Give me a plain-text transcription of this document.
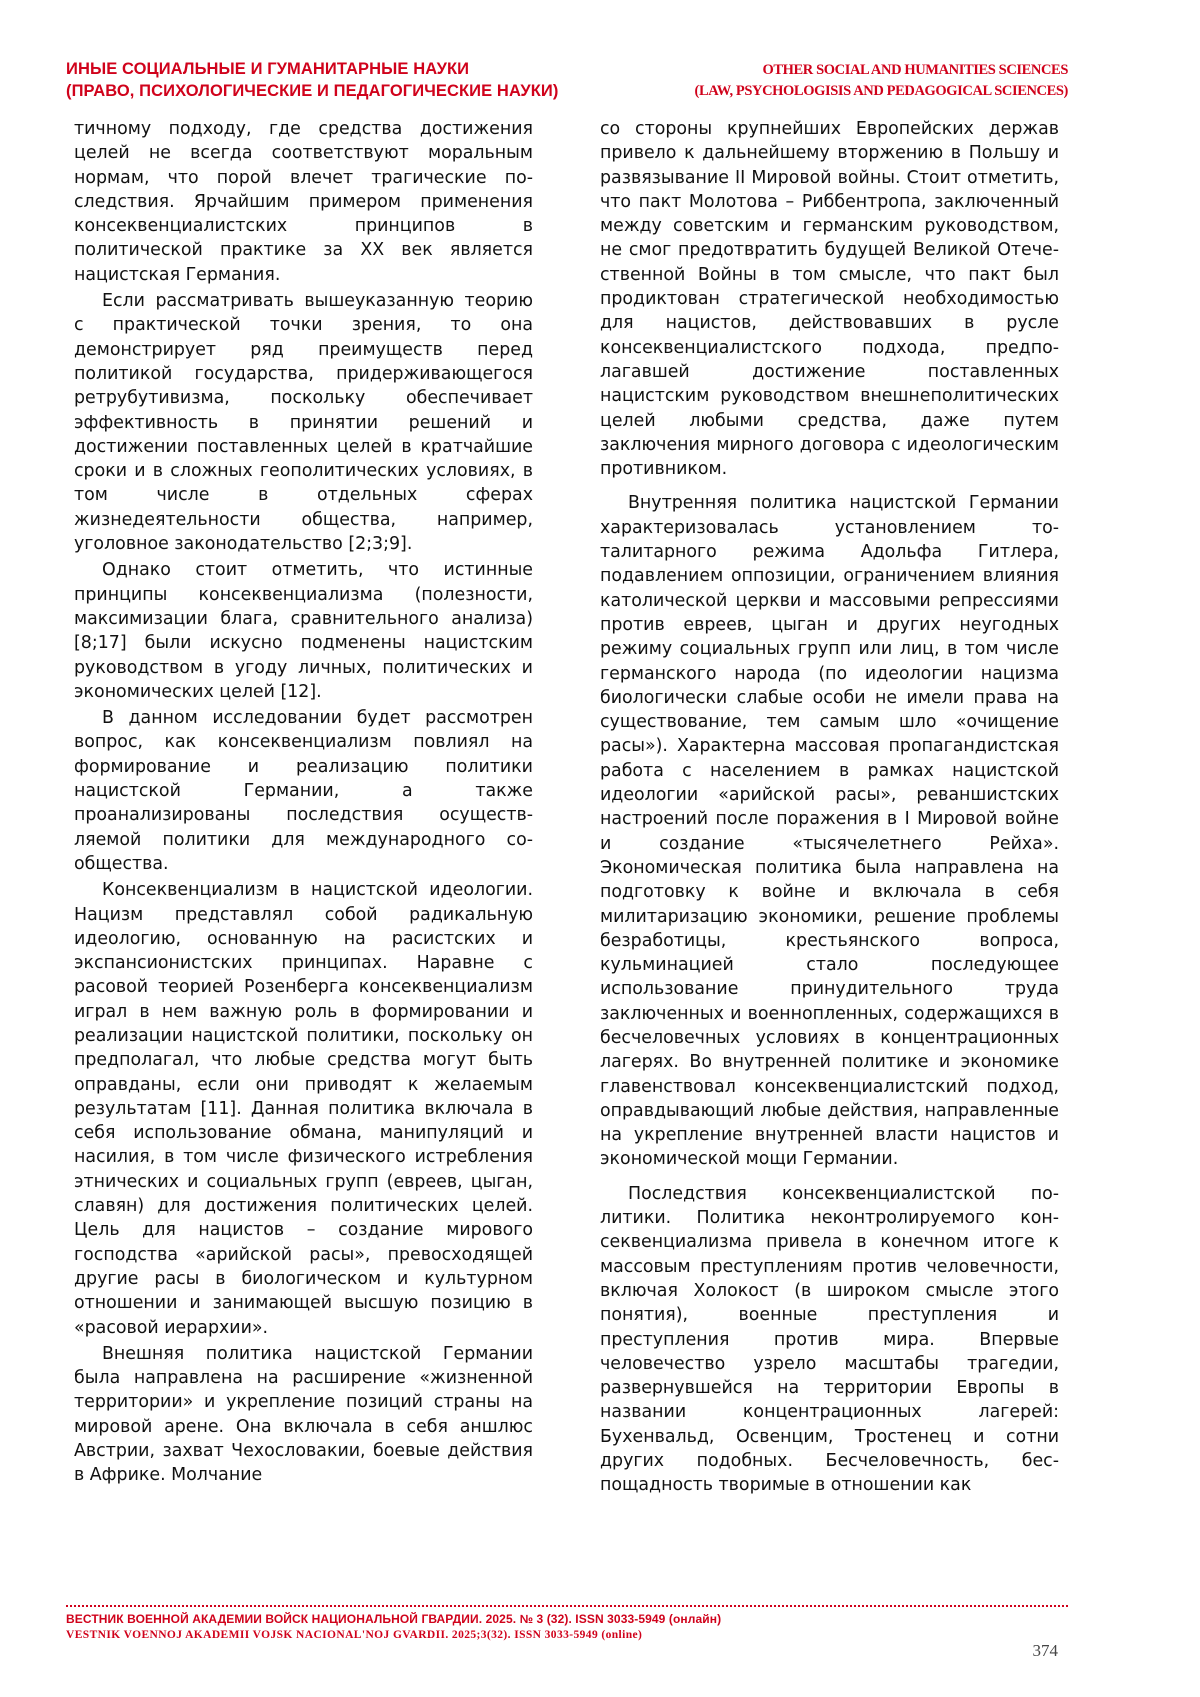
ИНЫЕ СОЦИАЛЬНЫЕ И ГУМАНИТАРНЫЕ НАУКИ
(ПРАВО, ПСИХОЛОГИЧЕСКИЕ И ПЕДАГОГИЧЕСКИЕ НАУКИ)
OTHER SOCIAL AND HUMANITIES SCIENCES
(LAW, PSYCHOLOGISIS AND PEDAGOGICAL SCIENCES)

тичному подходу, где средства достижения целей не всегда соответствуют моральным нормам, что порой влечет трагические последствия. Ярчайшим примером применения консеквенциалистских принципов в политической практике за XX век является нацистская Германия.

Если рассматривать вышеуказанную теорию с практической точки зрения, то она демонстрирует ряд преимуществ перед политикой государства, придерживающегося ретрубутивизма, поскольку обеспечивает эффективность в принятии решений и достижении поставленных целей в кратчайшие сроки и в сложных геополитических условиях, в том числе в отдельных сферах жизнедеятельности общества, например, уголовное законодательство [2;3;9].

Однако стоит отметить, что истинные принципы консеквенциализма (полезности, максимизации блага, сравнительного анализа) [8;17] были искусно подменены нацистским руководством в угоду личных, политических и экономических целей [12].

В данном исследовании будет рассмотрен вопрос, как консеквенциализм повлиял на формирование и реализацию политики нацистской Германии, а также проанализированы последствия осуществляемой политики для международного сообщества.

Консеквенциализм в нацистской идеологии. Нацизм представлял собой радикальную идеологию, основанную на расистских и экспансионистских принципах. Наравне с расовой теорией Розенберга консеквенциализм играл в нем важную роль в формировании и реализации нацистской политики, поскольку он предполагал, что любые средства могут быть оправданы, если они приводят к желаемым результатам [11]. Данная политика включала в себя использование обмана, манипуляций и насилия, в том числе физического истребления этнических и социальных групп (евреев, цыган, славян) для достижения политических целей. Цель для нацистов – создание мирового господства «арийской расы», превосходящей другие расы в биологическом и культурном отношении и занимающей высшую позицию в «расовой иерархии».

Внешняя политика нацистской Германии была направлена на расширение «жизненной территории» и укрепление позиций страны на мировой арене. Она включала в себя аншлюс Австрии, захват Чехословакии, боевые действия в Африке. Молчание

со стороны крупнейших Европейских держав привело к дальнейшему вторжению в Польшу и развязывание II Мировой войны. Стоит отметить, что пакт Молотова – Риббентропа, заключенный между советским и германским руководством, не смог предотвратить будущей Великой Отечественной Войны в том смысле, что пакт был продиктован стратегической необходимостью для нацистов, действовавших в русле консеквенциалистского подхода, предполагавшей достижение поставленных нацистским руководством внешнеполитических целей любыми средства, даже путем заключения мирного договора с идеологическим противником.

Внутренняя политика нацистской Германии характеризовалась установлением тоталитарного режима Адольфа Гитлера, подавлением оппозиции, ограничением влияния католической церкви и массовыми репрессиями против евреев, цыган и других неугодных режиму социальных групп или лиц, в том числе германского народа (по идеологии нацизма биологически слабые особи не имели права на существование, тем самым шло «очищение расы»). Характерна массовая пропагандистская работа с населением в рамках нацистской идеологии «арийской расы», реваншистских настроений после поражения в I Мировой войне и создание «тысячелетнего Рейха». Экономическая политика была направлена на подготовку к войне и включала в себя милитаризацию экономики, решение проблемы безработицы, крестьянского вопроса, кульминацией стало последующее использование принудительного труда заключенных и военнопленных, содержащихся в бесчеловечных условиях в концентрационных лагерях. Во внутренней политике и экономике главенствовал консеквенциалистский подход, оправдывающий любые действия, направленные на укрепление внутренней власти нацистов и экономической мощи Германии.

Последствия консеквенциалистской политики. Политика неконтролируемого консеквенциализма привела в конечном итоге к массовым преступлениям против человечности, включая Холокост (в широком смысле этого понятия), военные преступления и преступления против мира. Впервые человечество узрело масштабы трагедии, развернувшейся на территории Европы в названии концентрационных лагерей: Бухенвальд, Освенцим, Тростенец и сотни других подобных. Бесчеловечность, беспощадность творимые в отношении как

ВЕСТНИК ВОЕННОЙ АКАДЕМИИ ВОЙСК НАЦИОНАЛЬНОЙ ГВАРДИИ. 2025. № 3 (32). ISSN 3033-5949 (онлайн)
VESTNIK VOENNOJ AKADEMII VOJSK NACIONAL'NOJ GVARDII. 2025;3(32). ISSN 3033-5949 (online)
374
